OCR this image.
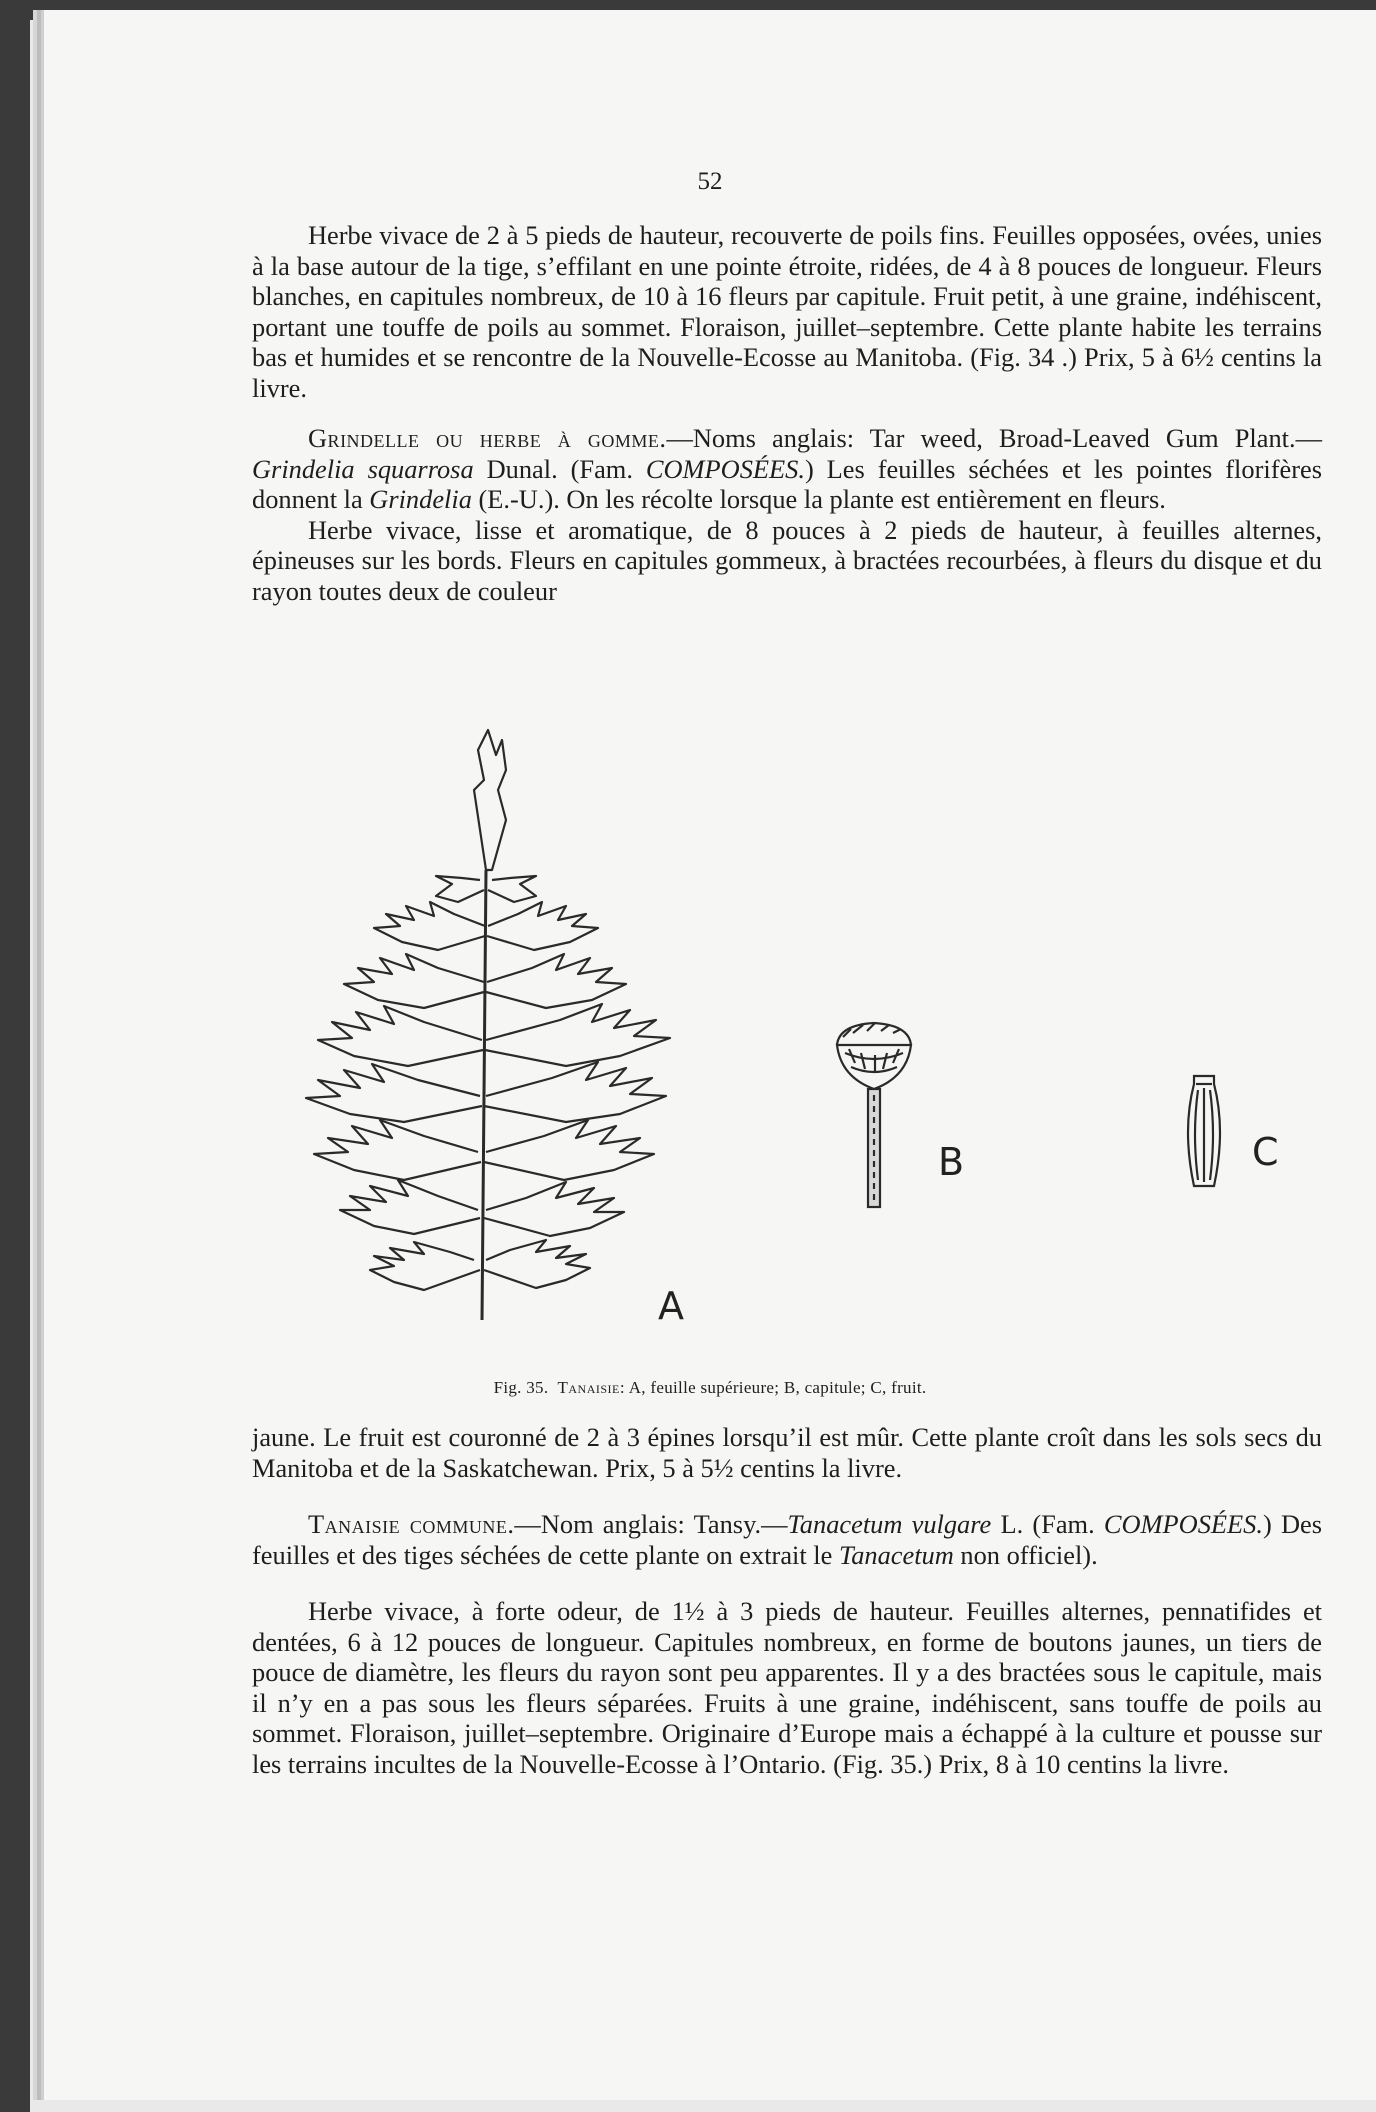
52

Herbe vivace de 2 à 5 pieds de hauteur, recouverte de poils fins. Feuilles opposées, ovées, unies à la base autour de la tige, s’effilant en une pointe étroite, ridées, de 4 à 8 pouces de longueur. Fleurs blanches, en capitules nombreux, de 10 à 16 fleurs par capitule. Fruit petit, à une graine, indéhiscent, portant une touffe de poils au sommet. Floraison, juillet–septembre. Cette plante habite les terrains bas et humides et se rencontre de la Nouvelle-Ecosse au Manitoba. (Fig. 34 .) Prix, 5 à 6½ centins la livre.

Grindelle ou herbe à gomme.—Noms anglais: Tar weed, Broad-Leaved Gum Plant.—Grindelia squarrosa Dunal. (Fam. COMPOSÉES.) Les feuilles séchées et les pointes florifères donnent la Grindelia (E.-U.). On les récolte lorsque la plante est entièrement en fleurs.

Herbe vivace, lisse et aromatique, de 8 pouces à 2 pieds de hauteur, à feuilles alternes, épineuses sur les bords. Fleurs en capitules gommeux, à bractées recourbées, à fleurs du disque et du rayon toutes deux de couleur

A
B	C
Fig. 35. Tanaisie: A, feuille supérieure; B, capitule; C, fruit.

jaune. Le fruit est couronné de 2 à 3 épines lorsqu’il est mûr. Cette plante croît dans les sols secs du Manitoba et de la Saskatchewan. Prix, 5 à 5½ centins la livre.

Tanaisie commune.—Nom anglais: Tansy.—Tanacetum vulgare L. (Fam. COMPOSÉES.) Des feuilles et des tiges séchées de cette plante on extrait le Tanacetum non officiel).

Herbe vivace, à forte odeur, de 1½ à 3 pieds de hauteur. Feuilles alternes, pennatifides et dentées, 6 à 12 pouces de longueur. Capitules nombreux, en forme de boutons jaunes, un tiers de pouce de diamètre, les fleurs du rayon sont peu apparentes. Il y a des bractées sous le capitule, mais il n’y en a pas sous les fleurs séparées. Fruits à une graine, indéhiscent, sans touffe de poils au sommet. Floraison, juillet–septembre. Originaire d’Europe mais a échappé à la culture et pousse sur les terrains incultes de la Nouvelle-Ecosse à l’Ontario. (Fig. 35.) Prix, 8 à 10 centins la livre.
